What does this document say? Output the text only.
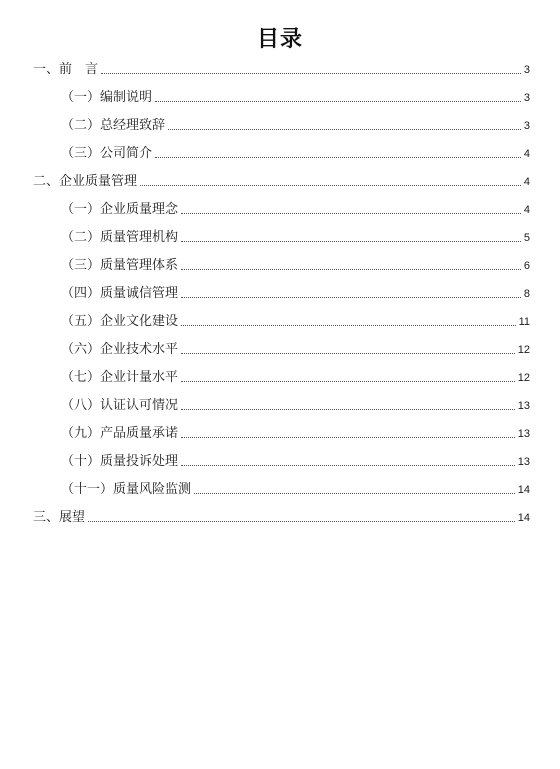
目录
一、前　言	3
（一）编制说明	3
（二）总经理致辞	3
（三）公司简介	4
二、企业质量管理	4
（一）企业质量理念	4
（二）质量管理机构	5
（三）质量管理体系	6
（四）质量诚信管理	8
（五）企业文化建设	11
（六）企业技术水平	12
（七）企业计量水平	12
（八）认证认可情况	13
（九）产品质量承诺	13
（十）质量投诉处理	13
（十一）质量风险监测	14
三、展望	14
